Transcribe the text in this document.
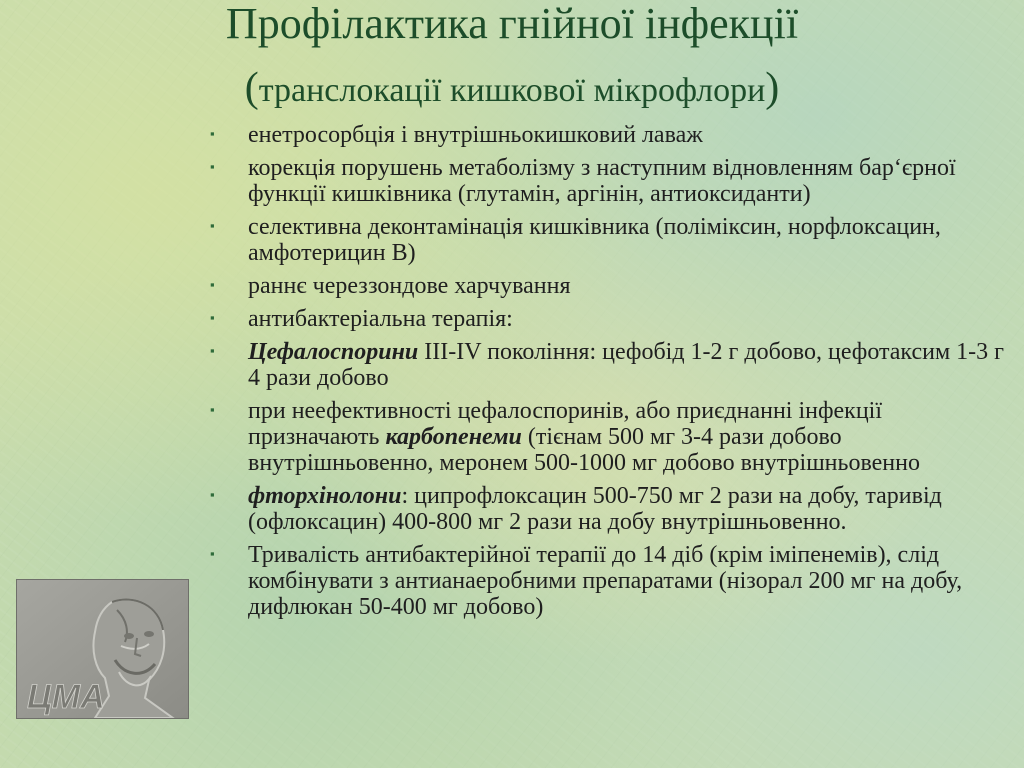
Профілактика гнійної інфекції
(транслокації кишкової мікрофлори)
▪ енетросорбція і внутрішньокишковий лаваж
▪ корекція порушень метаболізму з наступним відновленням бар‘єрної функції кишківника (глутамін, аргінін, антиоксиданти)
▪ селективна деконтамінація кишківника (поліміксин, норфлоксацин, амфотерицин В)
▪ раннє череззондове харчування
▪ антибактеріальна терапія:
▪ Цефалоспорини III-IV покоління: цефобід 1-2 г добово, цефотаксим 1-3 г 4 рази добово
▪ при неефективності цефалоспоринів, або приєднанні інфекції призначають карбопенеми (тієнам 500 мг 3-4 рази добово внутрішньовенно, меронем 500-1000 мг добово внутрішньовенно
▪ фторхінолони: ципрофлоксацин 500-750 мг 2 рази на добу, таривід (офлоксацин) 400-800 мг 2 рази на добу внутрішньовенно.
▪ Тривалість антибактерійної терапії до 14 діб (крім іміпенемів), слід комбінувати з антианаеробними препаратами (нізорал 200 мг на добу, дифлюкан 50-400 мг добово)
ЦМА
